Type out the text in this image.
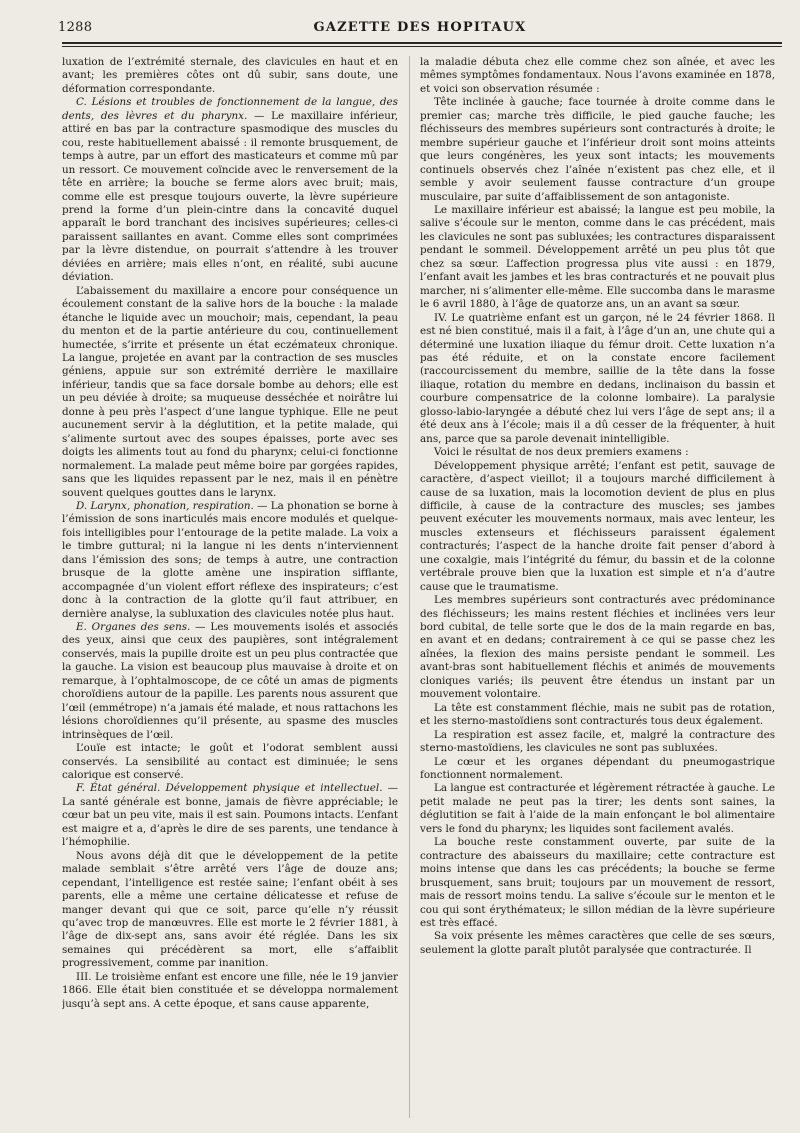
1288	GAZETTE DES HOPITAUX

luxation de l’extrémité sternale, des clavicules en haut et en avant; les premières côtes ont dû subir, sans doute, une déformation correspondante.

C. Lésions et troubles de fonctionnement de la langue, des dents, des lèvres et du pharynx. — Le maxillaire inférieur, attiré en bas par la contracture spasmodique des muscles du cou, reste habituellement abaissé : il remonte brusquement, de temps à autre, par un effort des masticateurs et comme mû par un ressort. Ce mouvement coïncide avec le renversement de la tête en arrière; la bouche se ferme alors avec bruit; mais, comme elle est presque toujours ouverte, la lèvre supérieure prend la forme d’un plein-cintre dans la concavité duquel apparaît le bord tranchant des incisives supérieures; celles-ci paraissent saillantes en avant. Comme elles sont comprimées par la lèvre distendue, on pourrait s’attendre à les trouver déviées en arrière; mais elles n’ont, en réalité, subi aucune déviation.

L’abaissement du maxillaire a encore pour conséquence un écoulement constant de la salive hors de la bouche : la malade étanche le liquide avec un mouchoir; mais, cependant, la peau du menton et de la partie antérieure du cou, continuellement humectée, s’irrite et présente un état eczémateux chronique. La langue, projetée en avant par la contraction de ses muscles géniens, appuie sur son extrémité derrière le maxillaire inférieur, tandis que sa face dorsale bombe au dehors; elle est un peu déviée à droite; sa muqueuse desséchée et noirâtre lui donne à peu près l’aspect d’une langue typhique. Elle ne peut aucunement servir à la déglutition, et la petite malade, qui s’alimente surtout avec des soupes épaisses, porte avec ses doigts les aliments tout au fond du pharynx; celui-ci fonctionne normalement. La malade peut même boire par gorgées rapides, sans que les liquides repassent par le nez, mais il en pénètre souvent quelques gouttes dans le larynx.

D. Larynx, phonation, respiration. — La phonation se borne à l’émission de sons inarticulés mais encore modulés et quelque-fois intelligibles pour l’entourage de la petite malade. La voix a le timbre guttural; ni la langue ni les dents n’interviennent dans l’émission des sons; de temps à autre, une contraction brusque de la glotte amène une inspiration sifflante, accompagnée d’un violent effort réflexe des inspirateurs; c’est donc à la contraction de la glotte qu’il faut attribuer, en dernière analyse, la subluxation des clavicules notée plus haut.

E. Organes des sens. — Les mouvements isolés et associés des yeux, ainsi que ceux des paupières, sont intégralement conservés, mais la pupille droite est un peu plus contractée que la gauche. La vision est beaucoup plus mauvaise à droite et on remarque, à l’ophtalmoscope, de ce côté un amas de pigments choroïdiens autour de la papille. Les parents nous assurent que l’œil (emmétrope) n’a jamais été malade, et nous rattachons les lésions choroïdiennes qu’il présente, au spasme des muscles intrinsèques de l’œil.

L’ouïe est intacte; le goût et l’odorat semblent aussi conservés. La sensibilité au contact est diminuée; le sens calorique est conservé.

F. État général. Développement physique et intellectuel. — La santé générale est bonne, jamais de fièvre appréciable; le cœur bat un peu vite, mais il est sain. Poumons intacts. L’enfant est maigre et a, d’après le dire de ses parents, une tendance à l’hémophilie.

Nous avons déjà dit que le développement de la petite malade semblait s’être arrêté vers l’âge de douze ans; cependant, l’intelligence est restée saine; l’enfant obéit à ses parents, elle a même une certaine délicatesse et refuse de manger devant qui que ce soit, parce qu’elle n’y réussit qu’avec trop de manœuvres. Elle est morte le 2 février 1881, à l’âge de dix-sept ans, sans avoir été réglée. Dans les six semaines qui précédèrent sa mort, elle s’affaiblit progressivement, comme par inanition.

III. Le troisième enfant est encore une fille, née le 19 janvier 1866. Elle était bien constituée et se développa normalement jusqu’à sept ans. A cette époque, et sans cause apparente,

la maladie débuta chez elle comme chez son aînée, et avec les mêmes symptômes fondamentaux. Nous l’avons examinée en 1878, et voici son observation résumée :

Tête inclinée à gauche; face tournée à droite comme dans le premier cas; marche très difficile, le pied gauche fauche; les fléchisseurs des membres supérieurs sont contracturés à droite; le membre supérieur gauche et l’inférieur droit sont moins atteints que leurs congénères, les yeux sont intacts; les mouvements continuels observés chez l’aînée n’existent pas chez elle, et il semble y avoir seulement fausse contracture d’un groupe musculaire, par suite d’affaiblissement de son antagoniste.

Le maxillaire inférieur est abaissé; la langue est peu mobile, la salive s’écoule sur le menton, comme dans le cas précédent, mais les clavicules ne sont pas subluxées; les contractures disparaissent pendant le sommeil. Développement arrêté un peu plus tôt que chez sa sœur. L’affection progressa plus vite aussi : en 1879, l’enfant avait les jambes et les bras contracturés et ne pouvait plus marcher, ni s’alimenter elle-même. Elle succomba dans le marasme le 6 avril 1880, à l’âge de quatorze ans, un an avant sa sœur.

IV. Le quatrième enfant est un garçon, né le 24 février 1868. Il est né bien constitué, mais il a fait, à l’âge d’un an, une chute qui a déterminé une luxation iliaque du fémur droit. Cette luxation n’a pas été réduite, et on la constate encore facilement (raccourcissement du membre, saillie de la tête dans la fosse iliaque, rotation du membre en dedans, inclinaison du bassin et courbure compensatrice de la colonne lombaire). La paralysie glosso-labio-laryngée a débuté chez lui vers l’âge de sept ans; il a été deux ans à l’école; mais il a dû cesser de la fréquenter, à huit ans, parce que sa parole devenait inintelligible.

Voici le résultat de nos deux premiers examens :

Développement physique arrêté; l’enfant est petit, sauvage de caractère, d’aspect vieillot; il a toujours marché difficilement à cause de sa luxation, mais la locomotion devient de plus en plus difficile, à cause de la contracture des muscles; ses jambes peuvent exécuter les mouvements normaux, mais avec lenteur, les muscles extenseurs et fléchisseurs paraissent également contracturés; l’aspect de la hanche droite fait penser d’abord à une coxalgie, mais l’intégrité du fémur, du bassin et de la colonne vertébrale prouve bien que la luxation est simple et n’a d’autre cause que le traumatisme.

Les membres supérieurs sont contracturés avec prédominance des fléchisseurs; les mains restent fléchies et inclinées vers leur bord cubital, de telle sorte que le dos de la main regarde en bas, en avant et en dedans; contrairement à ce qui se passe chez les aînées, la flexion des mains persiste pendant le sommeil. Les avant-bras sont habituellement fléchis et animés de mouvements cloniques variés; ils peuvent être étendus un instant par un mouvement volontaire.

La tête est constamment fléchie, mais ne subit pas de rotation, et les sterno-mastoïdiens sont contracturés tous deux également.

La respiration est assez facile, et, malgré la contracture des sterno-mastoïdiens, les clavicules ne sont pas subluxées.

Le cœur et les organes dépendant du pneumogastrique fonctionnent normalement.

La langue est contracturée et légèrement rétractée à gauche. Le petit malade ne peut pas la tirer; les dents sont saines, la déglutition se fait à l’aide de la main enfonçant le bol alimentaire vers le fond du pharynx; les liquides sont facilement avalés.

La bouche reste constamment ouverte, par suite de la contracture des abaisseurs du maxillaire; cette contracture est moins intense que dans les cas précédents; la bouche se ferme brusquement, sans bruit; toujours par un mouvement de ressort, mais de ressort moins tendu. La salive s’écoule sur le menton et le cou qui sont érythémateux; le sillon médian de la lèvre supérieure est très effacé.

Sa voix présente les mêmes caractères que celle de ses sœurs, seulement la glotte paraît plutôt paralysée que contracturée. Il
